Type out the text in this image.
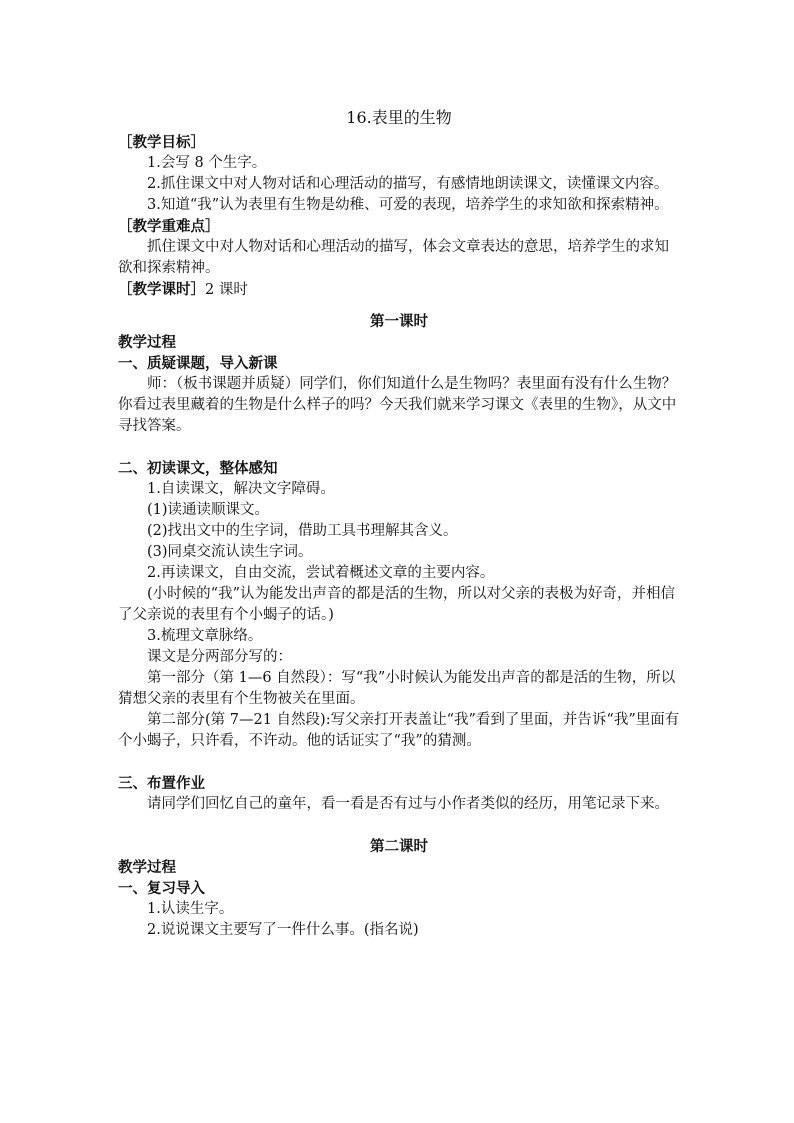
16.表里的生物
［教学目标］
1.会写 8 个生字。
2.抓住课文中对人物对话和心理活动的描写，有感情地朗读课文，读懂课文内容。
3.知道“我”认为表里有生物是幼稚、可爱的表现，培养学生的求知欲和探索精神。
［教学重难点］
抓住课文中对人物对话和心理活动的描写，体会文章表达的意思，培养学生的求知欲和探索精神。
［教学课时］2 课时
第一课时
教学过程
一、质疑课题，导入新课
师：（板书课题并质疑）同学们，你们知道什么是生物吗？表里面有没有什么生物？你看过表里藏着的生物是什么样子的吗？今天我们就来学习课文《表里的生物》，从文中寻找答案。
二、初读课文，整体感知
1.自读课文，解决文字障碍。
(1)读通读顺课文。
(2)找出文中的生字词，借助工具书理解其含义。
(3)同桌交流认读生字词。
2.再读课文，自由交流，尝试着概述文章的主要内容。
(小时候的“我”认为能发出声音的都是活的生物，所以对父亲的表极为好奇，并相信了父亲说的表里有个小蝎子的话。)
3.梳理文章脉络。
课文是分两部分写的：
第一部分（第 1—6 自然段）：写“我”小时候认为能发出声音的都是活的生物，所以猜想父亲的表里有个生物被关在里面。
第二部分(第 7—21 自然段):写父亲打开表盖让“我”看到了里面，并告诉“我”里面有个小蝎子，只许看，不许动。他的话证实了“我”的猜测。
三、布置作业
请同学们回忆自己的童年，看一看是否有过与小作者类似的经历，用笔记录下来。
第二课时
教学过程
一、复习导入
1.认读生字。
2.说说课文主要写了一件什么事。(指名说)
